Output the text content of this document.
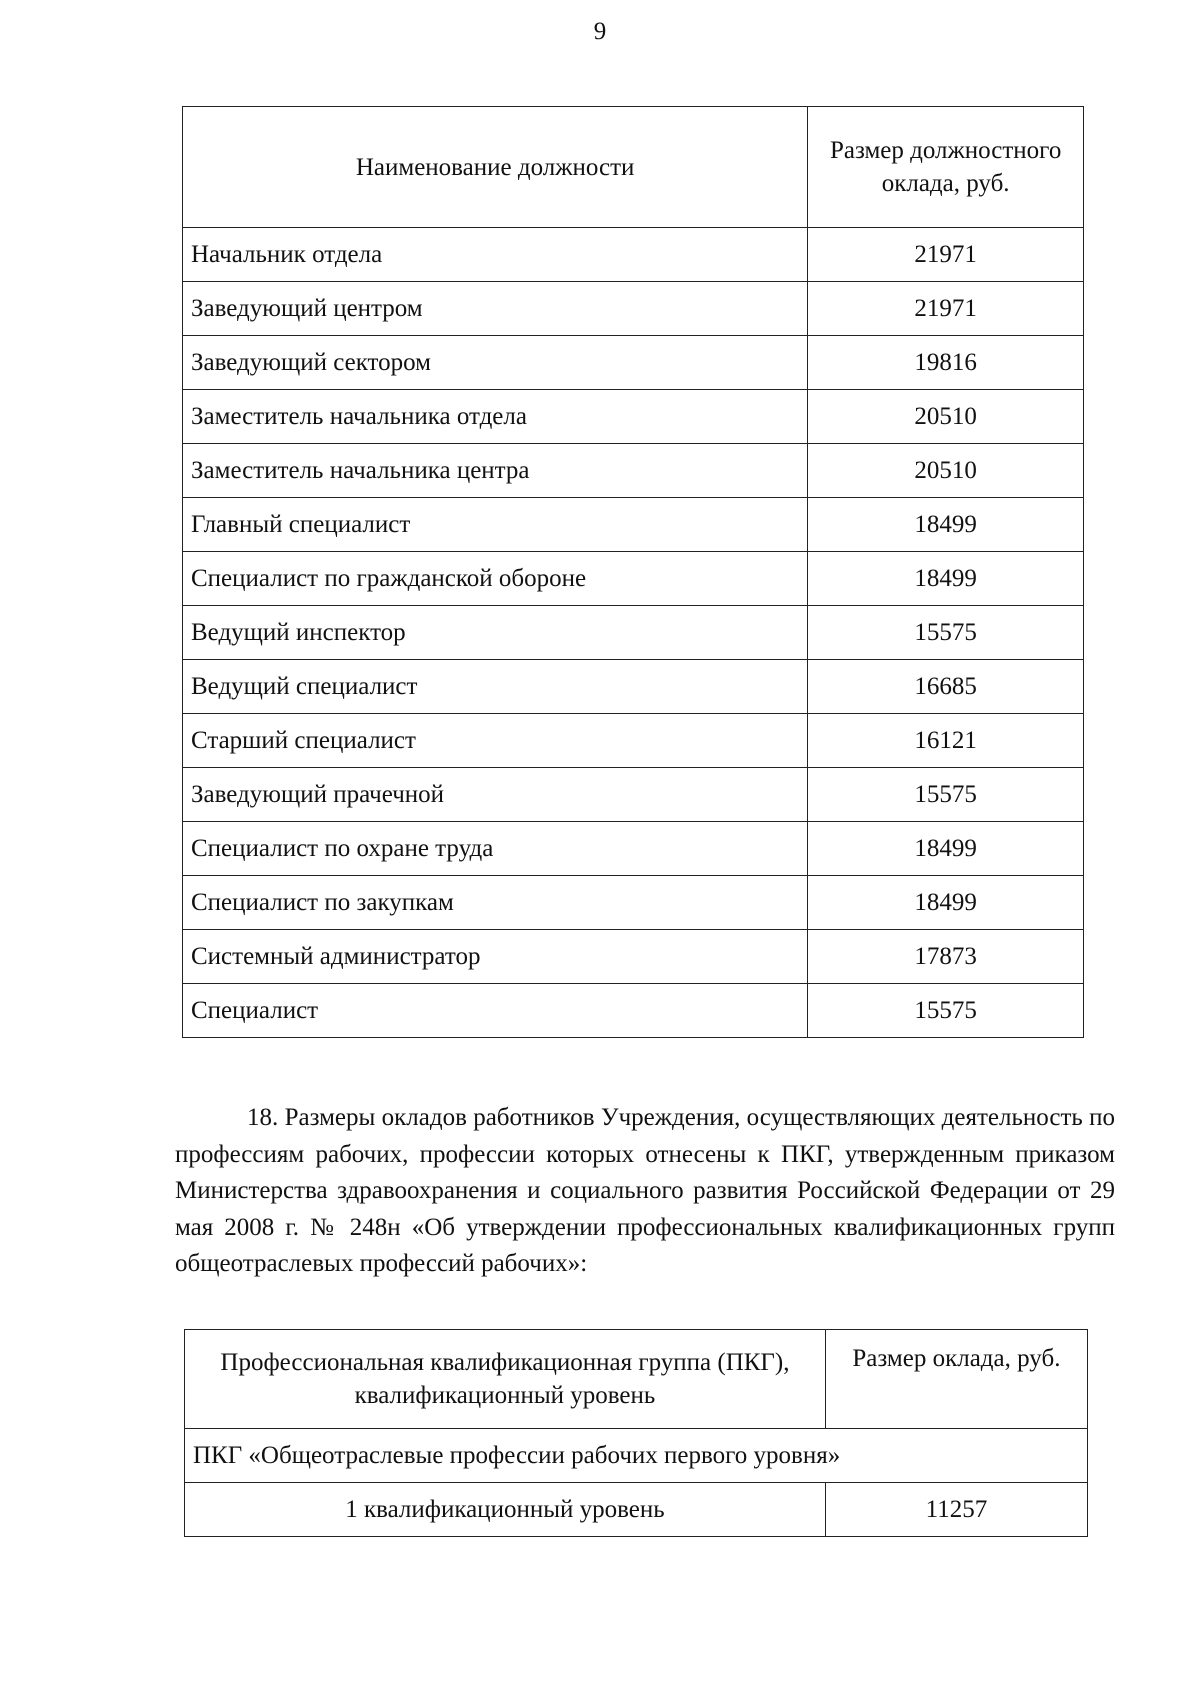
9
Наименование должности	Размер должностного оклада, руб.
Начальник отдела	21971
Заведующий центром	21971
Заведующий сектором	19816
Заместитель начальника отдела	20510
Заместитель начальника центра	20510
Главный специалист	18499
Специалист по гражданской обороне	18499
Ведущий инспектор	15575
Ведущий специалист	16685
Старший специалист	16121
Заведующий прачечной	15575
Специалист по охране труда	18499
Специалист по закупкам	18499
Системный администратор	17873
Специалист	15575

18. Размеры окладов работников Учреждения, осуществляющих деятельность по профессиям рабочих, профессии которых отнесены к ПКГ, утвержденным приказом Министерства здравоохранения и социального развития Российской Федерации от 29 мая 2008 г. № 248н «Об утверждении профессиональных квалификационных групп общеотраслевых профессий рабочих»:

Профессиональная квалификационная группа (ПКГ), квалификационный уровень	Размер оклада, руб.
ПКГ «Общеотраслевые профессии рабочих первого уровня»	
1 квалификационный уровень	11257
